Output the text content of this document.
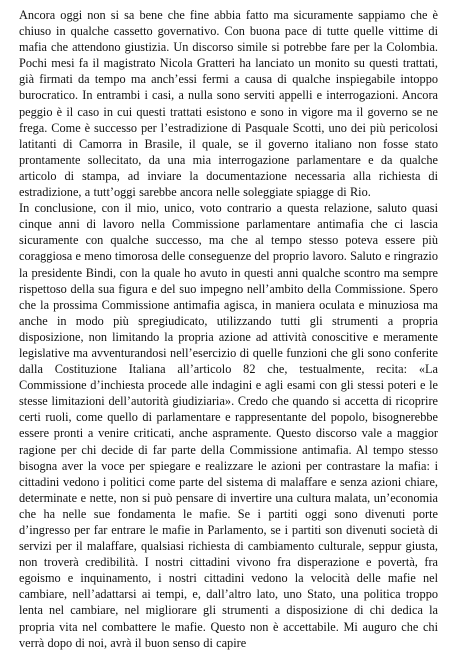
Ancora oggi non si sa bene che fine abbia fatto ma sicuramente sappiamo che è chiuso in qualche cassetto governativo. Con buona pace di tutte quelle vittime di mafia che attendono giustizia. Un discorso simile si potrebbe fare per la Colombia. Pochi mesi fa il magistrato Nicola Gratteri ha lanciato un monito su questi trattati, già firmati da tempo ma anch’essi fermi a causa di qualche inspiegabile intoppo burocratico. In entrambi i casi, a nulla sono serviti appelli e interrogazioni. Ancora peggio è il caso in cui questi trattati esistono e sono in vigore ma il governo se ne frega. Come è successo per l’estradizione di Pasquale Scotti, uno dei più pericolosi latitanti di Camorra in Brasile, il quale, se il governo italiano non fosse stato prontamente sollecitato, da una mia interrogazione parlamentare e da qualche articolo di stampa, ad inviare la documentazione necessaria alla richiesta di estradizione, a tutt’oggi sarebbe ancora nelle soleggiate spiagge di Rio.

In conclusione, con il mio, unico, voto contrario a questa relazione, saluto quasi cinque anni di lavoro nella Commissione parlamentare antimafia che ci lascia sicuramente con qualche successo, ma che al tempo stesso poteva essere più coraggiosa e meno timorosa delle conseguenze del proprio lavoro. Saluto e ringrazio la presidente Bindi, con la quale ho avuto in questi anni qualche scontro ma sempre rispettoso della sua figura e del suo impegno nell’ambito della Commissione. Spero che la prossima Commissione antimafia agisca, in maniera oculata e minuziosa ma anche in modo più spregiudicato, utilizzando tutti gli strumenti a propria disposizione, non limitando la propria azione ad attività conoscitive e meramente legislative ma avventurandosi nell’esercizio di quelle funzioni che gli sono conferite dalla Costituzione Italiana all’articolo 82 che, testualmente, recita: «La Commissione d’inchiesta procede alle indagini e agli esami con gli stessi poteri e le stesse limitazioni dell’autorità giudiziaria». Credo che quando si accetta di ricoprire certi ruoli, come quello di parlamentare e rappresentante del popolo, bisognerebbe essere pronti a venire criticati, anche aspramente. Questo discorso vale a maggior ragione per chi decide di far parte della Commissione antimafia. Al tempo stesso bisogna aver la voce per spiegare e realizzare le azioni per contrastare la mafia: i cittadini vedono i politici come parte del sistema di malaffare e senza azioni chiare, determinate e nette, non si può pensare di invertire una cultura malata, un’economia che ha nelle sue fondamenta le mafie. Se i partiti oggi sono divenuti porte d’ingresso per far entrare le mafie in Parlamento, se i partiti son divenuti società di servizi per il malaffare, qualsiasi richiesta di cambiamento culturale, seppur giusta, non troverà credibilità. I nostri cittadini vivono fra disperazione e povertà, fra egoismo e inquinamento, i nostri cittadini vedono la velocità delle mafie nel cambiare, nell’adattarsi ai tempi, e, dall’altro lato, uno Stato, una politica troppo lenta nel cambiare, nel migliorare gli strumenti a disposizione di chi dedica la propria vita nel combattere le mafie. Questo non è accettabile. Mi auguro che chi verrà dopo di noi, avrà il buon senso di capire
